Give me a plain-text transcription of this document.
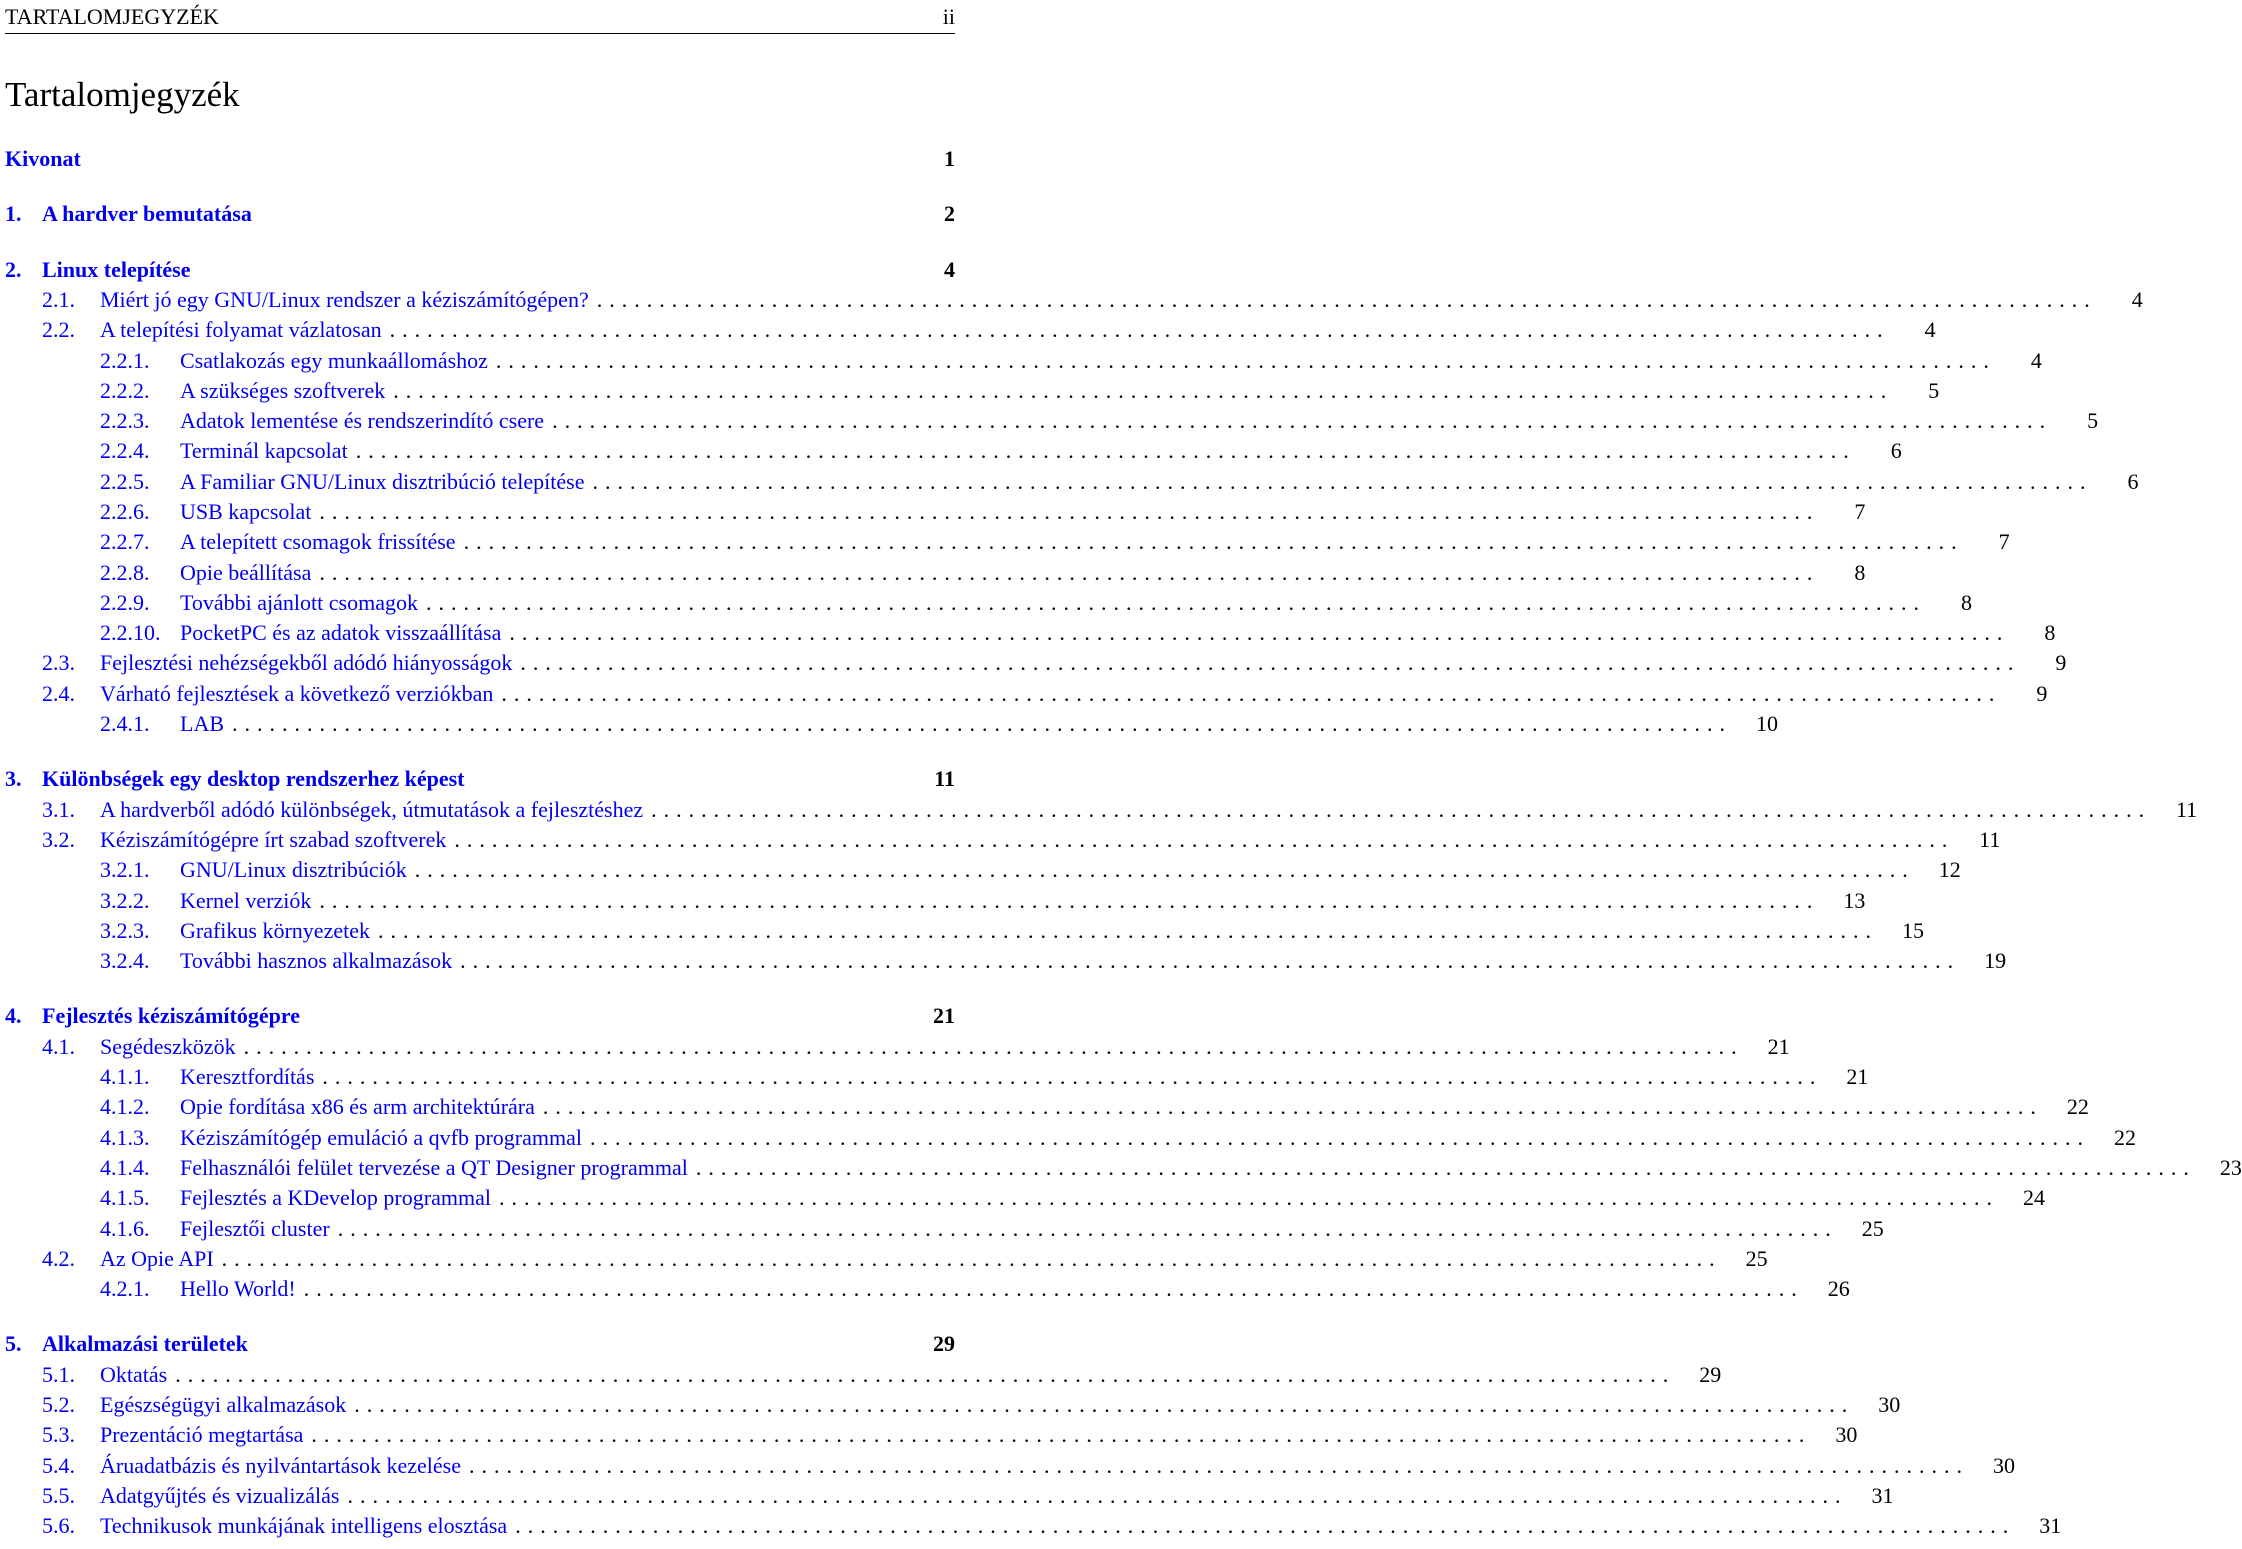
TARTALOMJEGYZÉK	ii
Tartalomjegyzék
Kivonat	1
1. A hardver bemutatása	2
2. Linux telepítése	4
2.1.	Miért jó egy GNU/Linux rendszer a kéziszámítógépen? ........................................................................................................................	4
2.2.	A telepítési folyamat vázlatosan ........................................................................................................................	4
2.2.1.	Csatlakozás egy munkaállomáshoz ........................................................................................................................	4
2.2.2.	A szükséges szoftverek ........................................................................................................................	5
2.2.3.	Adatok lementése és rendszerindító csere ........................................................................................................................	5
2.2.4.	Terminál kapcsolat ........................................................................................................................	6
2.2.5.	A Familiar GNU/Linux disztribúció telepítése ........................................................................................................................	6
2.2.6.	USB kapcsolat ........................................................................................................................	7
2.2.7.	A telepített csomagok frissítése ........................................................................................................................	7
2.2.8.	Opie beállítása ........................................................................................................................	8
2.2.9.	További ajánlott csomagok ........................................................................................................................	8
2.2.10. PocketPC és az adatok visszaállítása ........................................................................................................................	8
2.3.	Fejlesztési nehézségekből adódó hiányosságok ........................................................................................................................	9
2.4.	Várható fejlesztések a következő verziókban ........................................................................................................................	9
2.4.1.	LAB ........................................................................................................................ 10
3. Különbségek egy desktop rendszerhez képest	11
3.1.	A hardverből adódó különbségek, útmutatások a fejlesztéshez ........................................................................................................................ 11
3.2.	Kéziszámítógépre írt szabad szoftverek ........................................................................................................................ 11
3.2.1.	GNU/Linux disztribúciók ........................................................................................................................ 12
3.2.2.	Kernel verziók ........................................................................................................................ 13
3.2.3.	Grafikus környezetek ........................................................................................................................ 15
3.2.4.	További hasznos alkalmazások ........................................................................................................................ 19
4. Fejlesztés kéziszámítógépre	21
4.1.	Segédeszközök ........................................................................................................................ 21
4.1.1.	Keresztfordítás ........................................................................................................................ 21
4.1.2.	Opie fordítása x86 és arm architektúrára ........................................................................................................................ 22
4.1.3.	Kéziszámítógép emuláció a qvfb programmal ........................................................................................................................ 22
4.1.4.	Felhasználói felület tervezése a QT Designer programmal ........................................................................................................................ 23
4.1.5.	Fejlesztés a KDevelop programmal ........................................................................................................................ 24
4.1.6.	Fejlesztői cluster ........................................................................................................................ 25
4.2.	Az Opie API ........................................................................................................................ 25
4.2.1.	Hello World! ........................................................................................................................ 26
5. Alkalmazási területek	29
5.1.	Oktatás ........................................................................................................................ 29
5.2.	Egészségügyi alkalmazások ........................................................................................................................ 30
5.3.	Prezentáció megtartása ........................................................................................................................ 30
5.4.	Áruadatbázis és nyilvántartások kezelése ........................................................................................................................ 30
5.5.	Adatgyűjtés és vizualizálás ........................................................................................................................ 31
5.6.	Technikusok munkájának intelligens elosztása ........................................................................................................................ 31
